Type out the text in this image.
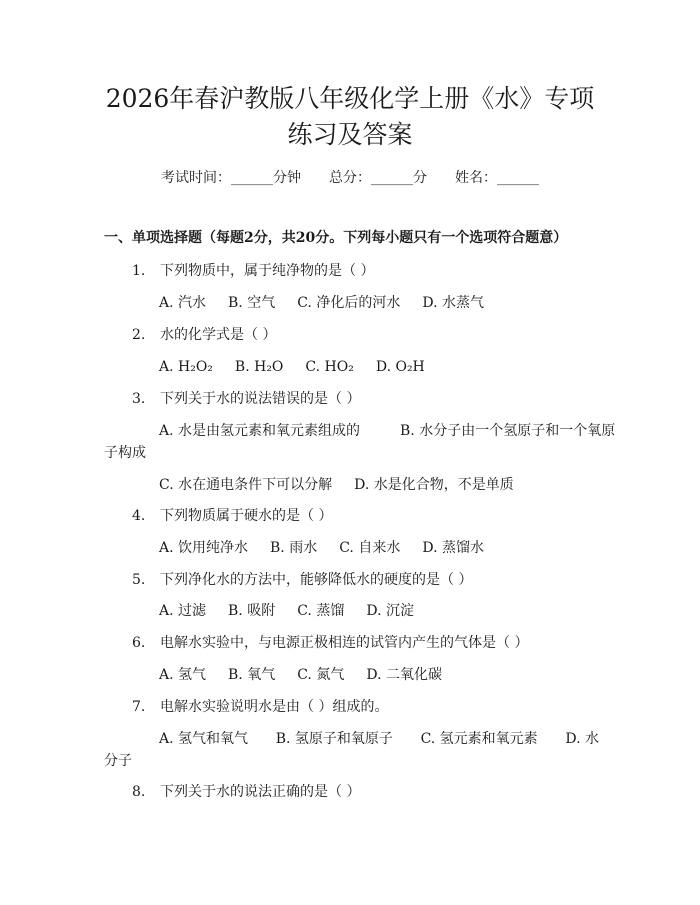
2026年春沪教版八年级化学上册《水》专项
练习及答案
考试时间：______分钟 总分：______分 姓名：______
一、单项选择题（每题2分，共20分。下列每小题只有一个选项符合题意）
1. 下列物质中，属于纯净物的是（ ）
A. 汽水 B. 空气 C. 净化后的河水 D. 水蒸气
2. 水的化学式是（ ）
A. H₂O₂ B. H₂O C. HO₂ D. O₂H
3. 下列关于水的说法错误的是（ ）
A. 水是由氢元素和氧元素组成的	B. 水分子由一个氢原子和一个氧原
子构成
C. 水在通电条件下可以分解 D. 水是化合物，不是单质
4. 下列物质属于硬水的是（ ）
A. 饮用纯净水 B. 雨水 C. 自来水 D. 蒸馏水
5. 下列净化水的方法中，能够降低水的硬度的是（ ）
A. 过滤 B. 吸附 C. 蒸馏 D. 沉淀
6. 电解水实验中，与电源正极相连的试管内产生的气体是（ ）
A. 氢气 B. 氧气 C. 氮气 D. 二氧化碳
7. 电解水实验说明水是由（ ）组成的。
A. 氢气和氧气 B. 氢原子和氧原子 C. 氢元素和氧元素 D. 水
分子
8. 下列关于水的说法正确的是（ ）
